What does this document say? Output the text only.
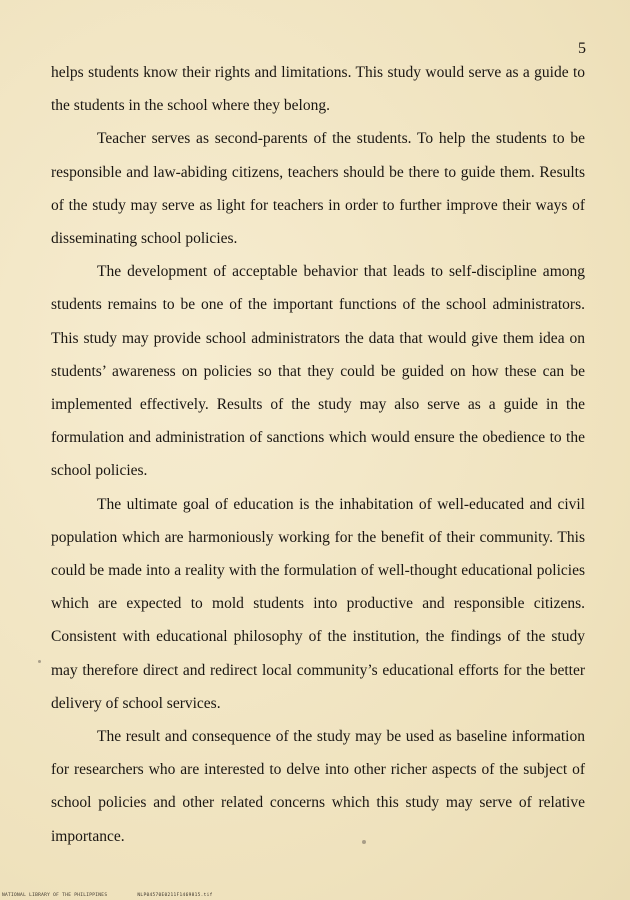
5

helps students know their rights and limitations. This study would serve as a guide to the students in the school where they belong.

Teacher serves as second-parents of the students. To help the students to be responsible and law-abiding citizens, teachers should be there to guide them. Results of the study may serve as light for teachers in order to further improve their ways of disseminating school policies.

The development of acceptable behavior that leads to self-discipline among students remains to be one of the important functions of the school administrators. This study may provide school administrators the data that would give them idea on students’ awareness on policies so that they could be guided on how these can be implemented effectively. Results of the study may also serve as a guide in the formulation and administration of sanctions which would ensure the obedience to the school policies.

The ultimate goal of education is the inhabitation of well-educated and civil population which are harmoniously working for the benefit of their community. This could be made into a reality with the formulation of well-thought educational policies which are expected to mold students into productive and responsible citizens. Consistent with educational philosophy of the institution, the findings of the study may therefore direct and redirect local community’s educational efforts for the better delivery of school services.

The result and consequence of the study may be used as baseline information for researchers who are interested to delve into other richer aspects of the subject of school policies and other related concerns which this study may serve of relative importance.

NATIONAL LIBRARY OF THE PHILIPPINES	NLP04570E0211F1469815.tif
